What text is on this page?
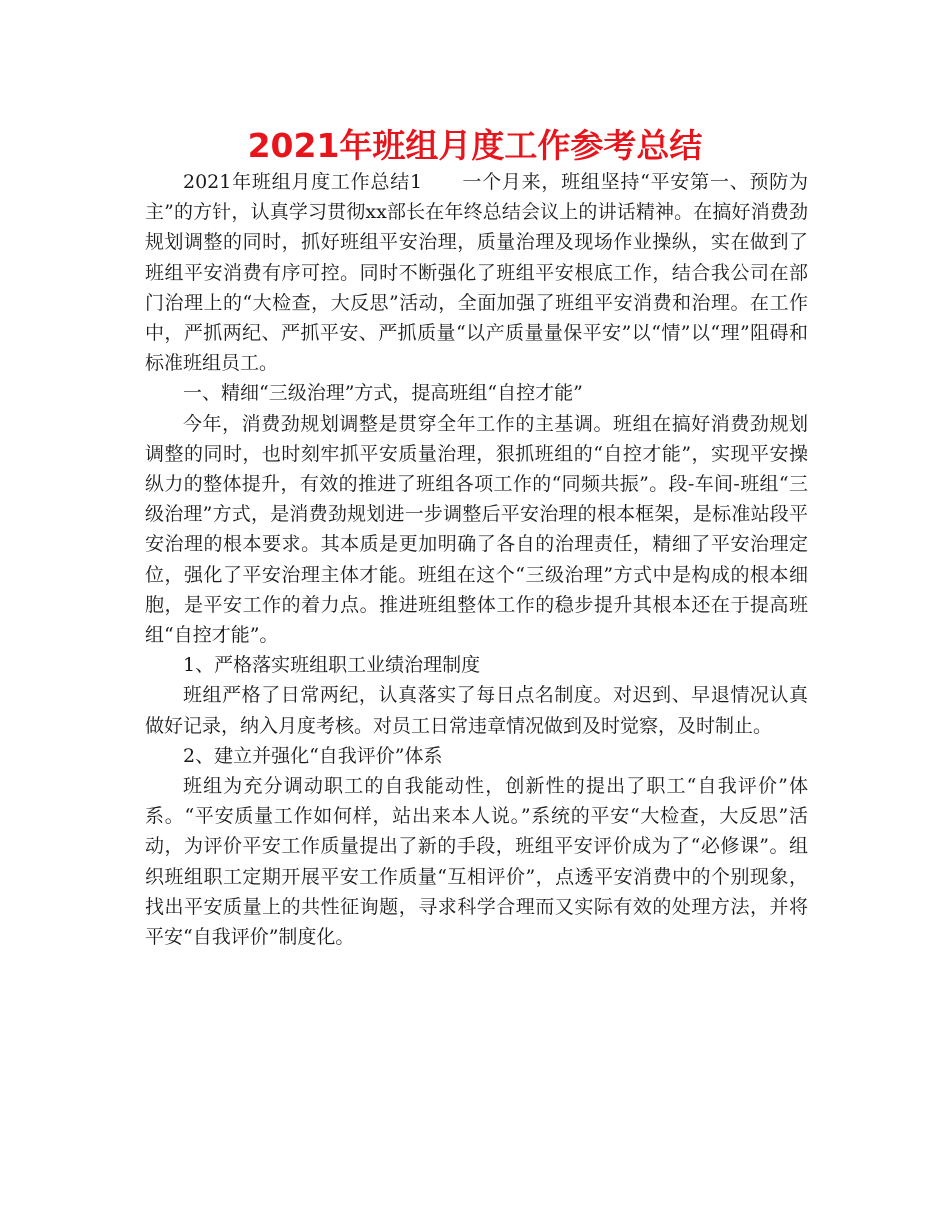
2021年班组月度工作参考总结

2021年班组月度工作总结1　　一个月来，班组坚持“平安第一、预防为主”的方针，认真学习贯彻xx部长在年终总结会议上的讲话精神。在搞好消费劲规划调整的同时，抓好班组平安治理，质量治理及现场作业操纵，实在做到了班组平安消费有序可控。同时不断强化了班组平安根底工作，结合我公司在部门治理上的“大检查，大反思”活动，全面加强了班组平安消费和治理。在工作中，严抓两纪、严抓平安、严抓质量“以产质量量保平安”以“情”以“理”阻碍和标准班组员工。

一、精细“三级治理”方式，提高班组“自控才能”

今年，消费劲规划调整是贯穿全年工作的主基调。班组在搞好消费劲规划调整的同时，也时刻牢抓平安质量治理，狠抓班组的“自控才能”，实现平安操纵力的整体提升，有效的推进了班组各项工作的“同频共振”。段-车间-班组“三级治理”方式，是消费劲规划进一步调整后平安治理的根本框架，是标准站段平安治理的根本要求。其本质是更加明确了各自的治理责任，精细了平安治理定位，强化了平安治理主体才能。班组在这个“三级治理”方式中是构成的根本细胞，是平安工作的着力点。推进班组整体工作的稳步提升其根本还在于提高班组“自控才能”。

1、严格落实班组职工业绩治理制度

班组严格了日常两纪，认真落实了每日点名制度。对迟到、早退情况认真做好记录，纳入月度考核。对员工日常违章情况做到及时觉察，及时制止。

2、建立并强化“自我评价”体系

班组为充分调动职工的自我能动性，创新性的提出了职工“自我评价”体系。“平安质量工作如何样，站出来本人说。”系统的平安“大检查，大反思”活动，为评价平安工作质量提出了新的手段，班组平安评价成为了“必修课”。组织班组职工定期开展平安工作质量“互相评价”，点透平安消费中的个别现象，找出平安质量上的共性征询题，寻求科学合理而又实际有效的处理方法，并将平安“自我评价”制度化。
